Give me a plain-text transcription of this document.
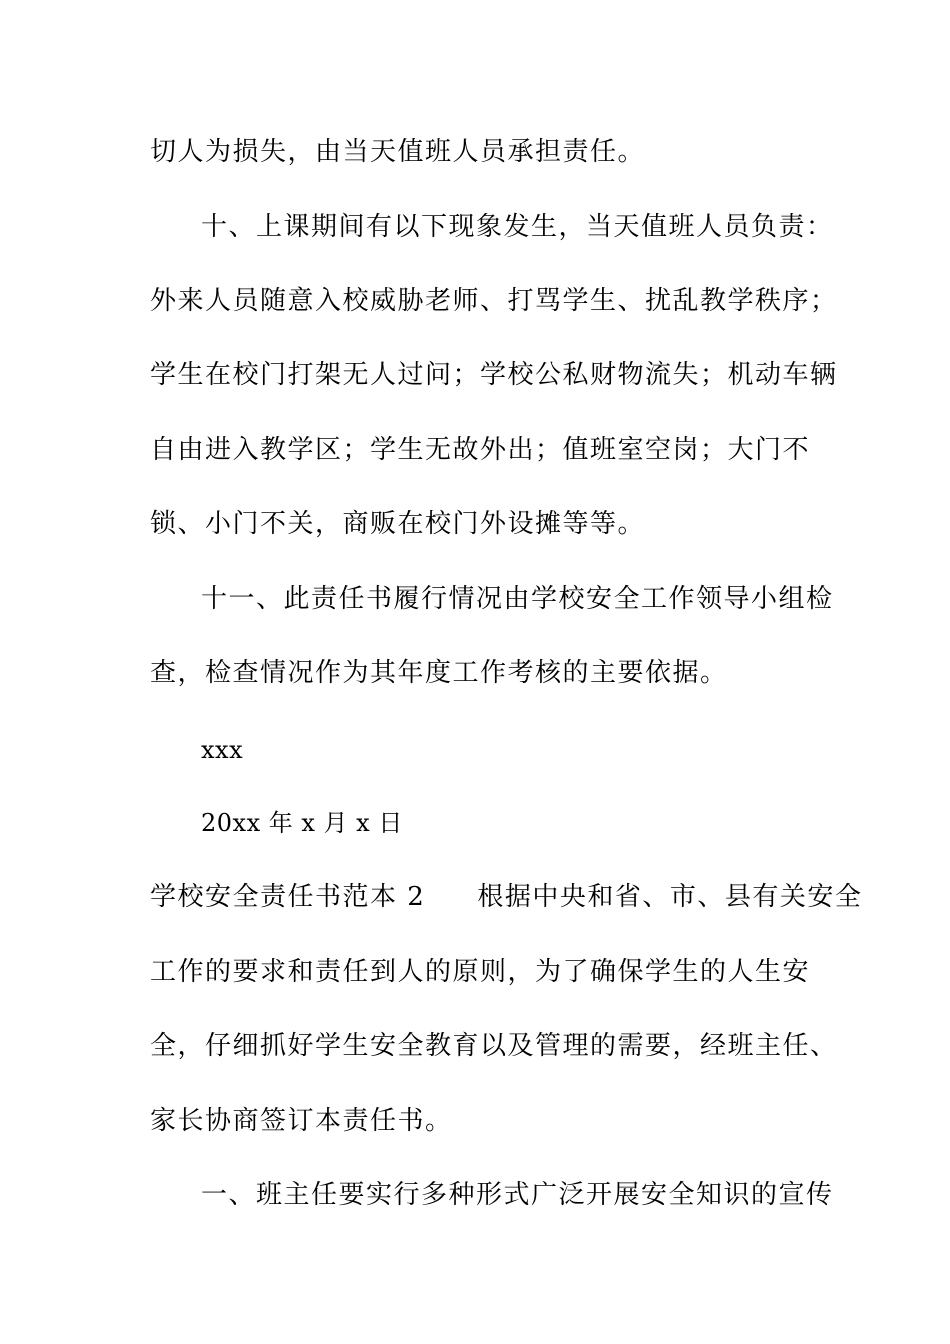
切人为损失，由当天值班人员承担责任。
十、上课期间有以下现象发生，当天值班人员负责：
外来人员随意入校威胁老师、打骂学生、扰乱教学秩序；
学生在校门打架无人过问；学校公私财物流失；机动车辆
自由进入教学区；学生无故外出；值班室空岗；大门不
锁、小门不关，商贩在校门外设摊等等。
十一、此责任书履行情况由学校安全工作领导小组检
查，检查情况作为其年度工作考核的主要依据。
xxx
20xx 年 x 月 x 日
学校安全责任书范本 2 根据中央和省、市、县有关安全
工作的要求和责任到人的原则，为了确保学生的人生安
全，仔细抓好学生安全教育以及管理的需要，经班主任、
家长协商签订本责任书。
一、班主任要实行多种形式广泛开展安全知识的宣传
